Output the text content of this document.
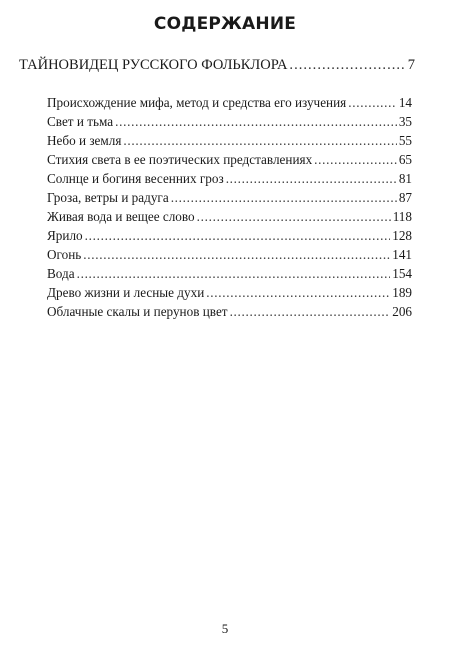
СОДЕРЖАНИЕ
ТАЙНОВИДЕЦ РУССКОГО ФОЛЬКЛОРА . . .	7
Происхождение мифа, метод и средства его изучения . . .	14
Свет и тьма . . .	35
Небо и земля . . .	55
Стихия света в ее поэтических представлениях . . .	65
Солнце и богиня весенних гроз . . .	81
Гроза, ветры и радуга . . .	87
Живая вода и вещее слово . . .	118
Ярило . . .	128
Огонь . . .	141
Вода . . .	154
Древо жизни и лесные духи . . .	189
Облачные скалы и перунов цвет . . .	206
5
